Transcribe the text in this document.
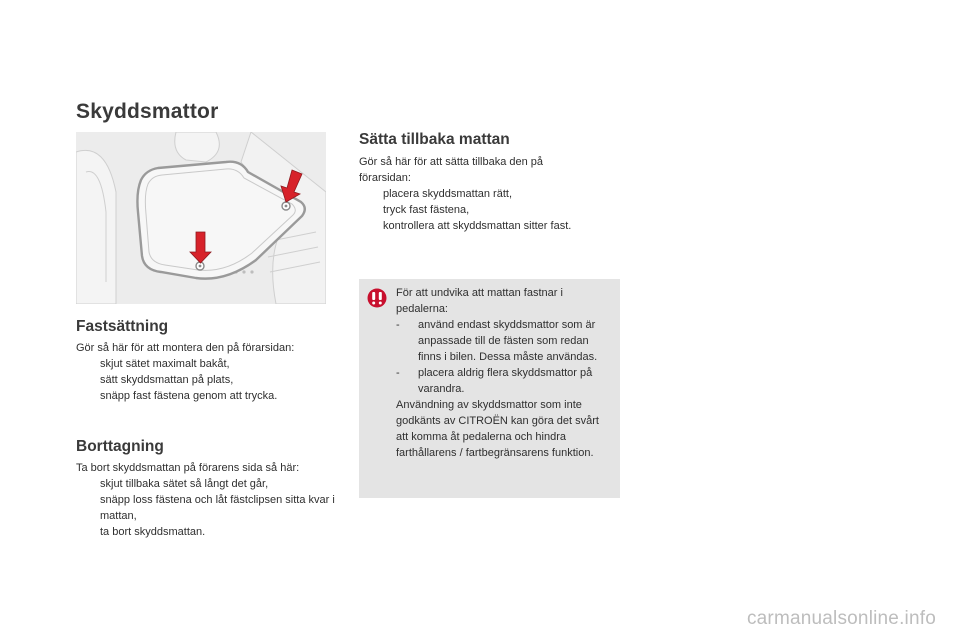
Skyddsmattor
Fastsättning

Gör så här för att montera den på förarsidan:

skjut sätet maximalt bakåt,
sätt skyddsmattan på plats,
snäpp fast fästena genom att trycka.
Borttagning

Ta bort skyddsmattan på förarens sida så här:

skjut tillbaka sätet så långt det går,
snäpp loss fästena och låt fästclipsen sitta kvar i mattan,
ta bort skyddsmattan.
Sätta tillbaka mattan

Gör så här för att sätta tillbaka den på förarsidan:

placera skyddsmattan rätt,
tryck fast fästena,
kontrollera att skyddsmattan sitter fast.

För att undvika att mattan fastnar i pedalerna:

- använd endast skyddsmattor som är anpassade till de fästen som redan finns i bilen. Dessa måste användas.
- placera aldrig flera skyddsmattor på varandra.

Användning av skyddsmattor som inte godkänts av CITROËN kan göra det svårt att komma åt pedalerna och hindra farthållarens / fartbegränsarens funktion.

carmanualsonline.info
